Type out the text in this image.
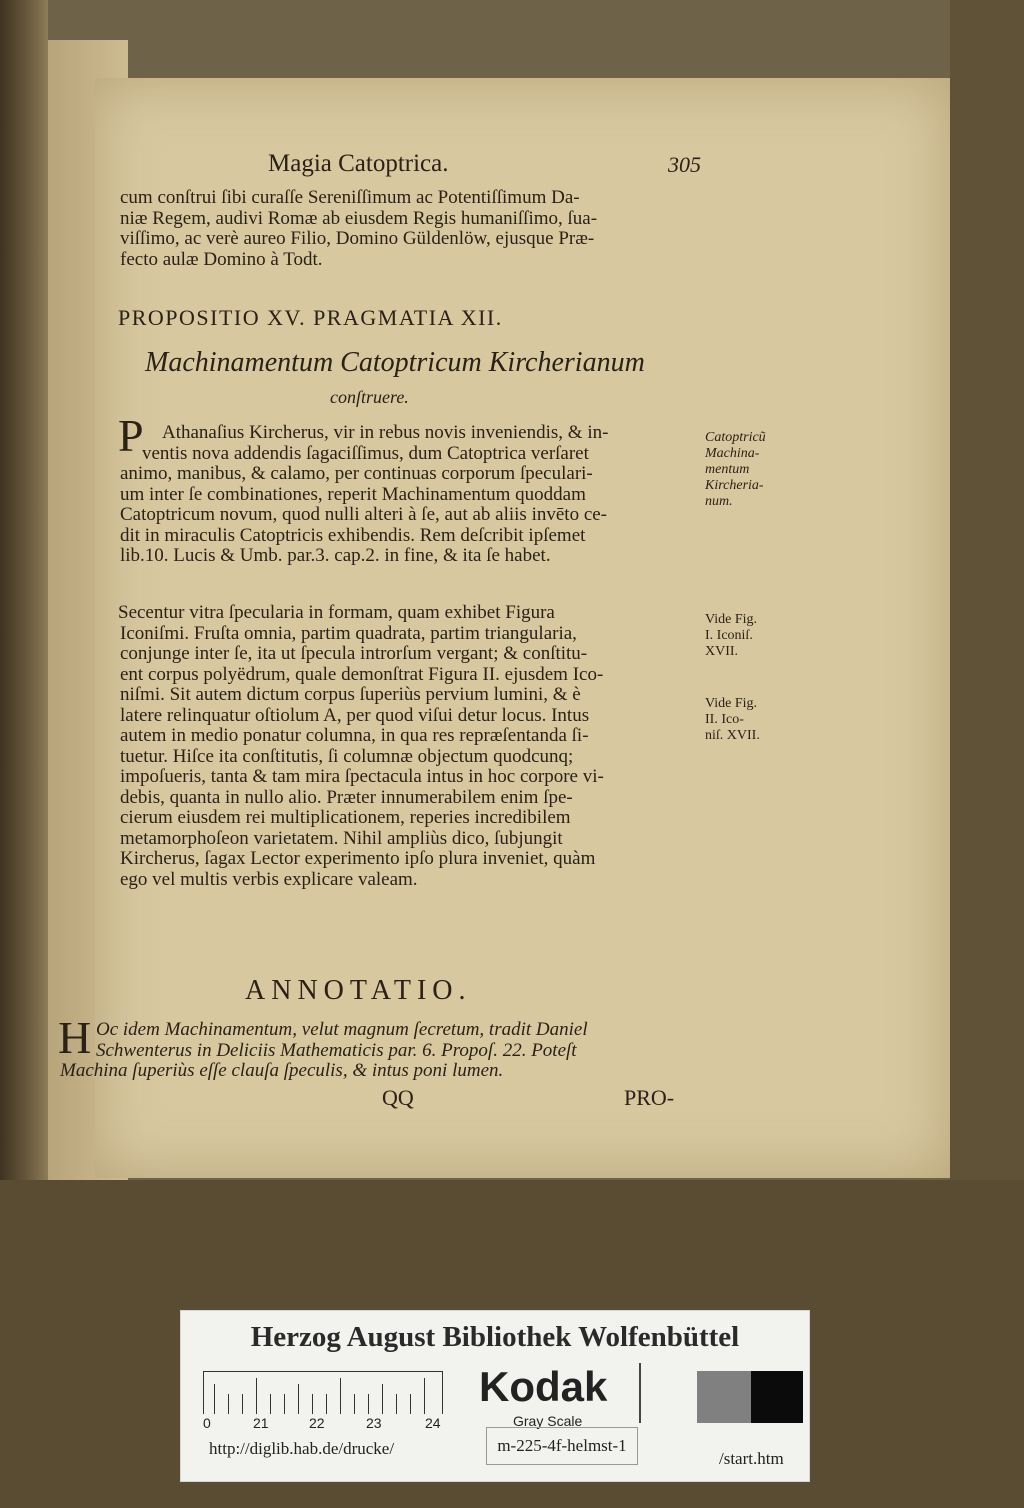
Magia Catoptrica.	305

cum conſtrui ſibi curaſſe Sereniſſimum ac Potentiſſimum Da-

niæ Regem, audivi Romæ ab eiusdem Regis humaniſſimo, ſua-

viſſimo, ac verè aureo Filio, Domino Güldenlöw, ejusque Præ-

fecto aulæ Domino à Todt.

PROPOSITIO XV. PRAGMATIA XII.
Machinamentum Catoptricum Kircherianum
conſtruere.
P Athanaſius Kircherus, vir in rebus novis inveniendis, & in-

ventis nova addendis ſagaciſſimus, dum Catoptrica verſaret

animo, manibus, & calamo, per continuas corporum ſpeculari-

um inter ſe combinationes, reperit Machinamentum quoddam

Catoptricum novum, quod nulli alteri à ſe, aut ab aliis invēto ce-

dit in miraculis Catoptricis exhibendis. Rem deſcribit ipſemet

lib.10. Lucis & Umb. par.3. cap.2. in fine, & ita ſe habet.

Secentur vitra ſpecularia in formam, quam exhibet Figura

Iconiſmi. Fruſta omnia, partim quadrata, partim triangularia,

conjunge inter ſe, ita ut ſpecula introrſum vergant; & conſtitu-

ent corpus polyëdrum, quale demonſtrat Figura II. ejusdem Ico-

niſmi. Sit autem dictum corpus ſuperiùs pervium lumini, & è

latere relinquatur oſtiolum A, per quod viſui detur locus. Intus

autem in medio ponatur columna, in qua res repræſentanda ſi-

tuetur. Hiſce ita conſtitutis, ſi columnæ objectum quodcunq;

impoſueris, tanta & tam mira ſpectacula intus in hoc corpore vi-

debis, quanta in nullo alio. Præter innumerabilem enim ſpe-

cierum eiusdem rei multiplicationem, reperies incredibilem

metamorphoſeon varietatem. Nihil ampliùs dico, ſubjungit

Kircherus, ſagax Lector experimento ipſo plura inveniet, quàm

ego vel multis verbis explicare valeam.

Catoptricũ
Machina-
mentum
Kircheria-
num.
Vide Fig.
I. Iconiſ.
XVII.
Vide Fig.
II. Ico-
niſ. XVII.
ANNOTATIO.
H Oc idem Machinamentum, velut magnum ſecretum, tradit Daniel

Schwenterus in Deliciis Mathematicis par. 6. Propoſ. 22. Poteſt

Machina ſuperiùs eſſe clauſa ſpeculis, & intus poni lumen.

QQ	PRO-
Herzog August Bibliothek Wolfenbüttel
0	21	22	23	24
Kodak
Gray Scale
http://diglib.hab.de/drucke/	m-225-4f-helmst-1
/start.htm
